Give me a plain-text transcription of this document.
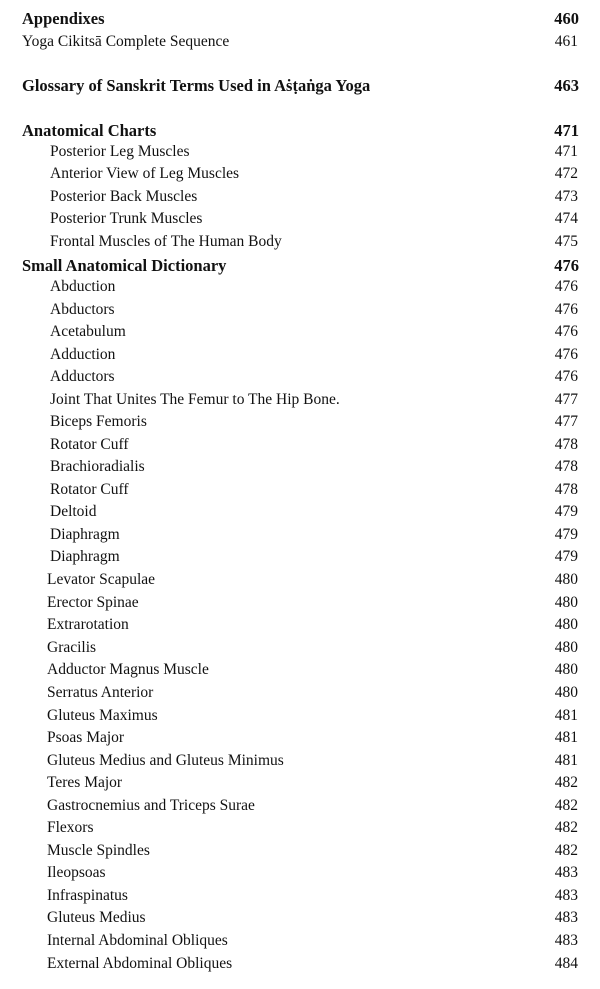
Appendixes	460
Yoga Cikitsā Complete Sequence	461
Glossary of Sanskrit Terms Used in Aṡṭaṅga Yoga	463
Anatomical Charts	471
Posterior Leg Muscles	471
Anterior View of Leg Muscles	472
Posterior Back Muscles	473
Posterior Trunk Muscles	474
Frontal Muscles of The Human Body	475
Small Anatomical Dictionary	476
Abduction	476
Abductors	476
Acetabulum	476
Adduction	476
Adductors	476
Joint That Unites The Femur to The Hip Bone.	477
Biceps Femoris	477
Rotator Cuff	478
Brachioradialis	478
Rotator Cuff	478
Deltoid	479
Diaphragm	479
Diaphragm	479
Levator Scapulae	480
Erector Spinae	480
Extrarotation	480
Gracilis	480
Adductor Magnus Muscle	480
Serratus Anterior	480
Gluteus Maximus	481
Psoas Major	481
Gluteus Medius and Gluteus Minimus	481
Teres Major	482
Gastrocnemius and Triceps Surae	482
Flexors	482
Muscle Spindles	482
Ileopsoas	483
Infraspinatus	483
Gluteus Medius	483
Internal Abdominal Obliques	483
External Abdominal Obliques	484
